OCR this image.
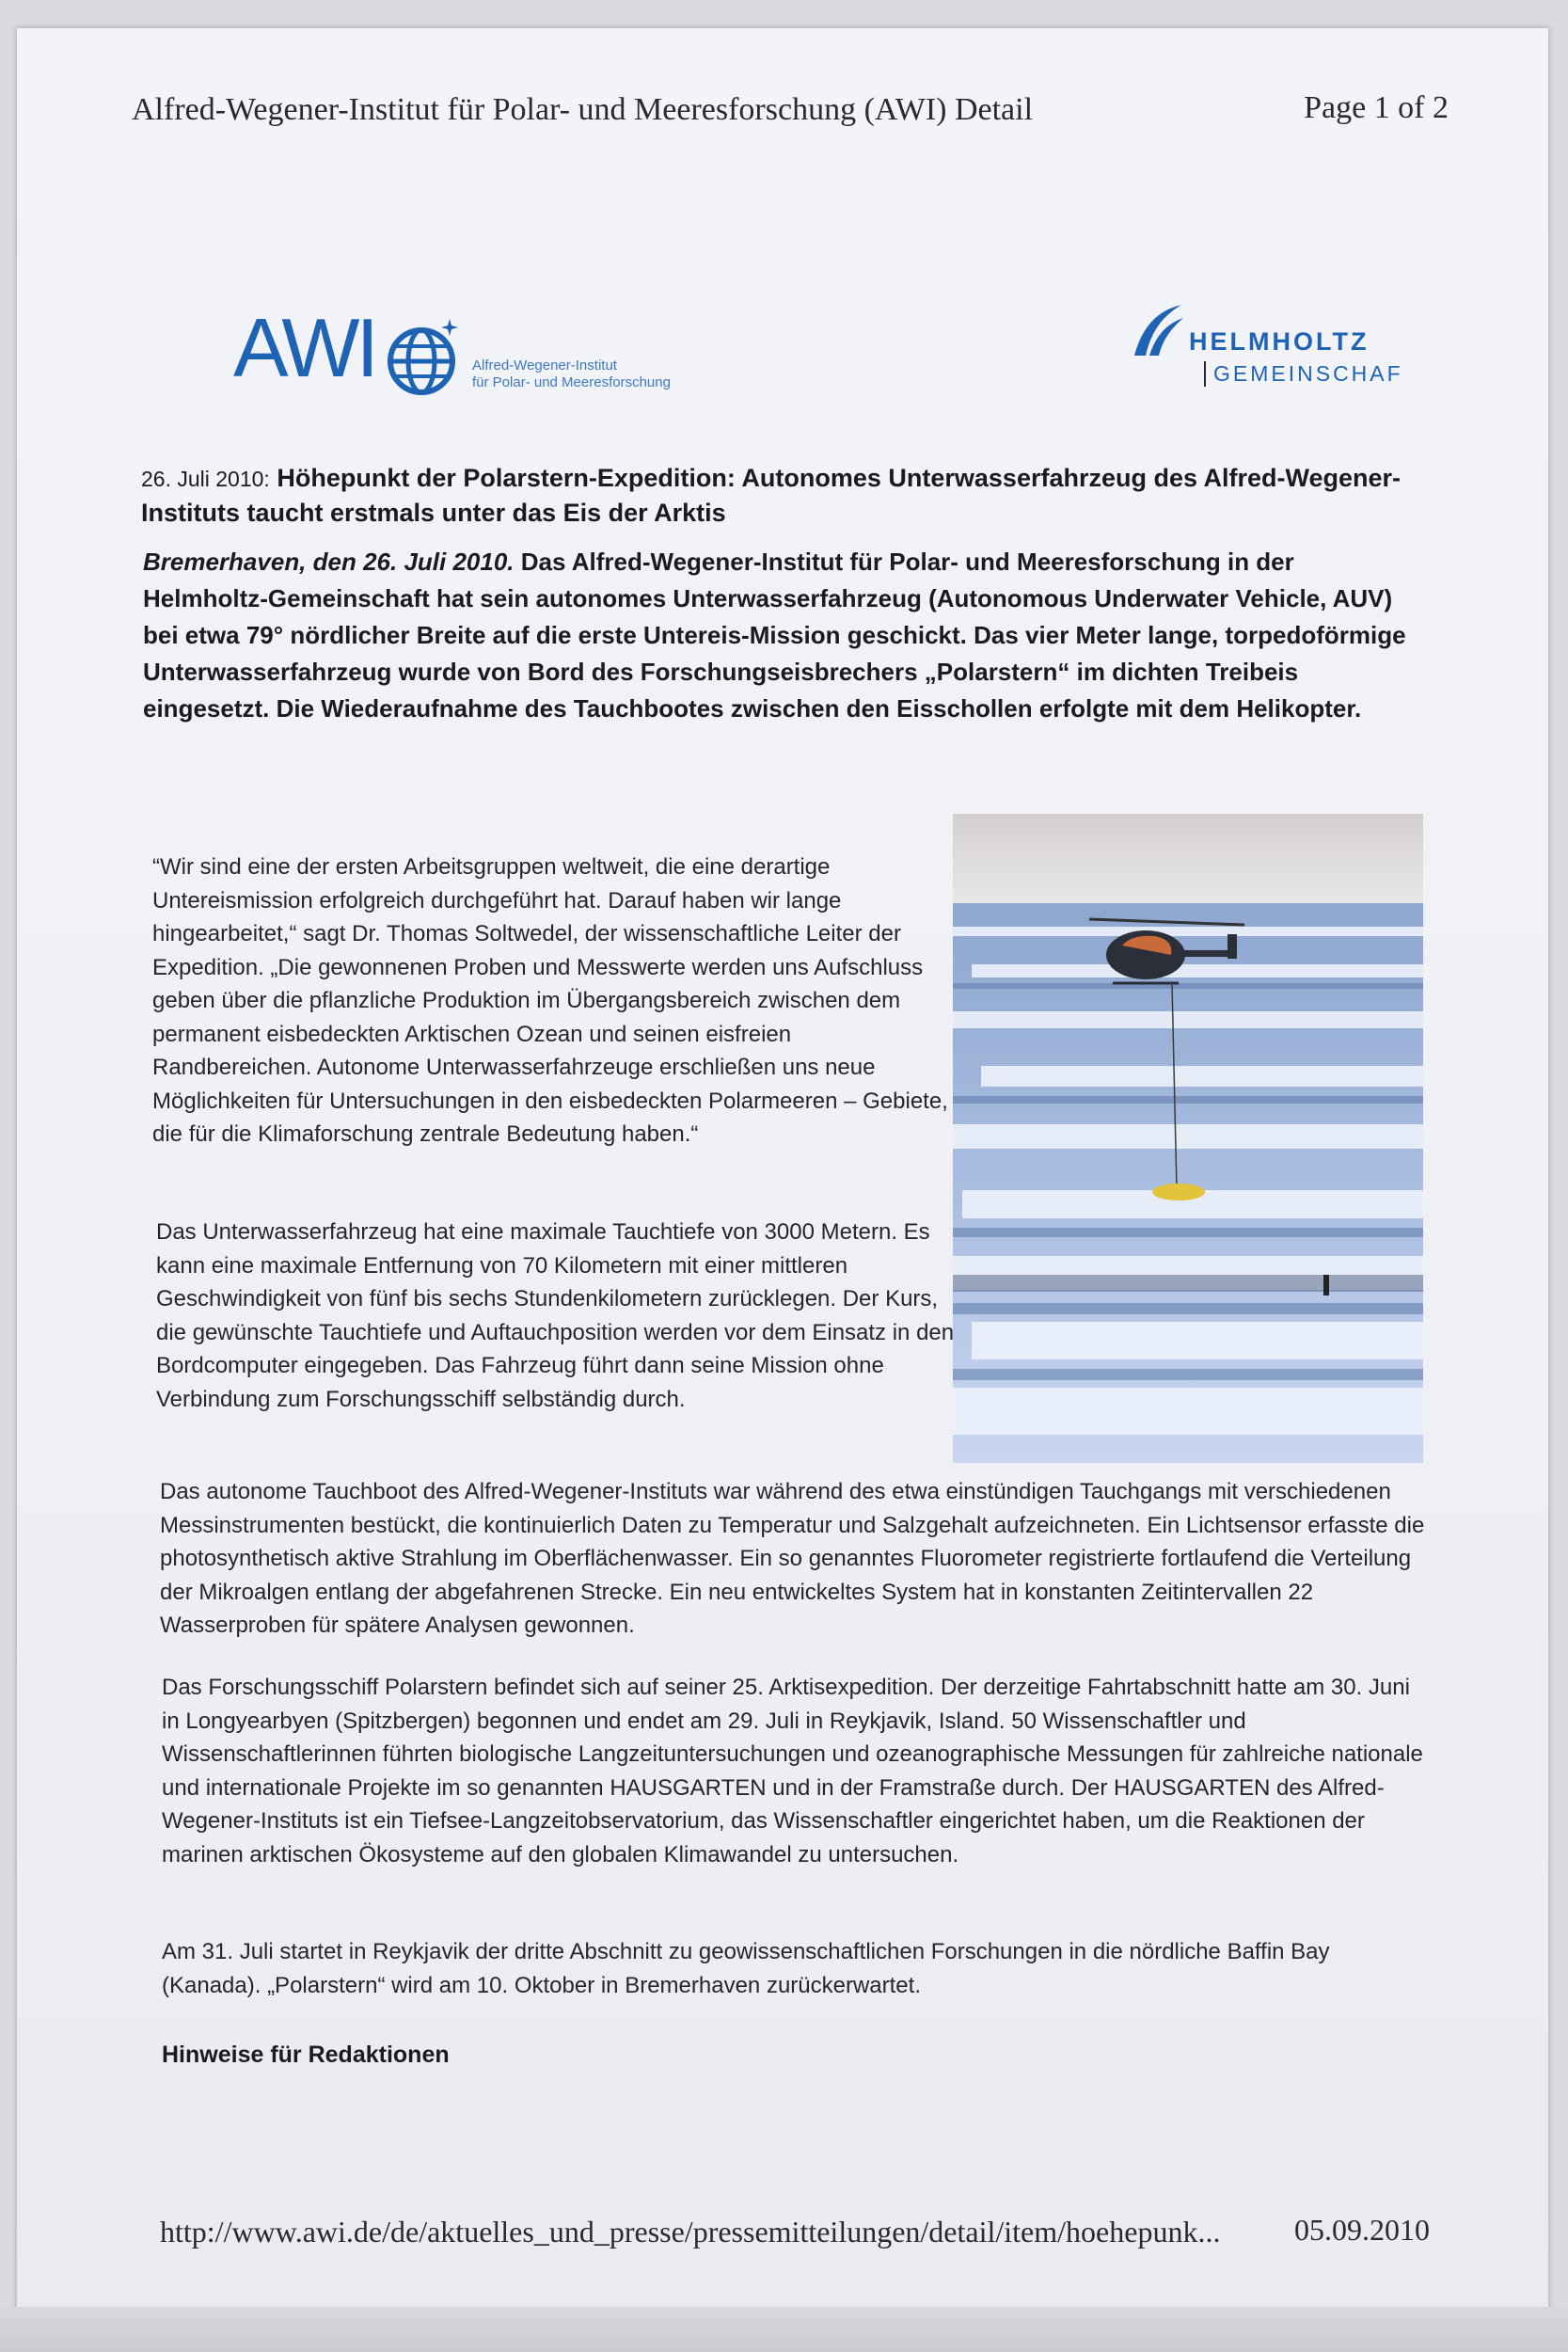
Alfred-Wegener-Institut für Polar- und Meeresforschung (AWI) Detail	Page 1 of 2
AWI	Alfred-Wegener-Institut
für Polar- und Meeresforschung
HELMHOLTZ
GEMEINSCHAF
26. Juli 2010: Höhepunkt der Polarstern-Expedition: Autonomes Unterwasserfahrzeug des Alfred-Wegener-Instituts taucht erstmals unter das Eis der Arktis
Bremerhaven, den 26. Juli 2010. Das Alfred-Wegener-Institut für Polar- und Meeresforschung in der Helmholtz-Gemeinschaft hat sein autonomes Unterwasserfahrzeug (Autonomous Underwater Vehicle, AUV) bei etwa 79° nördlicher Breite auf die erste Untereis-Mission geschickt. Das vier Meter lange, torpedoförmige Unterwasserfahrzeug wurde von Bord des Forschungseisbrechers „Polarstern“ im dichten Treibeis eingesetzt. Die Wiederaufnahme des Tauchbootes zwischen den Eisschollen erfolgte mit dem Helikopter.
“Wir sind eine der ersten Arbeitsgruppen weltweit, die eine derartige Untereismission erfolgreich durchgeführt hat. Darauf haben wir lange hingearbeitet,“ sagt Dr. Thomas Soltwedel, der wissenschaftliche Leiter der Expedition. „Die gewonnenen Proben und Messwerte werden uns Aufschluss geben über die pflanzliche Produktion im Übergangsbereich zwischen dem permanent eisbedeckten Arktischen Ozean und seinen eisfreien Randbereichen. Autonome Unterwasserfahrzeuge erschließen uns neue Möglichkeiten für Untersuchungen in den eisbedeckten Polarmeeren – Gebiete, die für die Klimaforschung zentrale Bedeutung haben.“
Das Unterwasserfahrzeug hat eine maximale Tauchtiefe von 3000 Metern. Es kann eine maximale Entfernung von 70 Kilometern mit einer mittleren Geschwindigkeit von fünf bis sechs Stundenkilometern zurücklegen. Der Kurs, die gewünschte Tauchtiefe und Auftauchposition werden vor dem Einsatz in den Bordcomputer eingegeben. Das Fahrzeug führt dann seine Mission ohne Verbindung zum Forschungsschiff selbständig durch.
Das autonome Tauchboot des Alfred-Wegener-Instituts war während des etwa einstündigen Tauchgangs mit verschiedenen Messinstrumenten bestückt, die kontinuierlich Daten zu Temperatur und Salzgehalt aufzeichneten. Ein Lichtsensor erfasste die photosynthetisch aktive Strahlung im Oberflächenwasser. Ein so genanntes Fluorometer registrierte fortlaufend die Verteilung der Mikroalgen entlang der abgefahrenen Strecke. Ein neu entwickeltes System hat in konstanten Zeitintervallen 22 Wasserproben für spätere Analysen gewonnen.
Das Forschungsschiff Polarstern befindet sich auf seiner 25. Arktisexpedition. Der derzeitige Fahrtabschnitt hatte am 30. Juni in Longyearbyen (Spitzbergen) begonnen und endet am 29. Juli in Reykjavik, Island. 50 Wissenschaftler und Wissenschaftlerinnen führten biologische Langzeituntersuchungen und ozeanographische Messungen für zahlreiche nationale und internationale Projekte im so genannten HAUSGARTEN und in der Framstraße durch. Der HAUSGARTEN des Alfred-Wegener-Instituts ist ein Tiefsee-Langzeitobservatorium, das Wissenschaftler eingerichtet haben, um die Reaktionen der marinen arktischen Ökosysteme auf den globalen Klimawandel zu untersuchen.
Am 31. Juli startet in Reykjavik der dritte Abschnitt zu geowissenschaftlichen Forschungen in die nördliche Baffin Bay (Kanada). „Polarstern“ wird am 10. Oktober in Bremerhaven zurückerwartet.
Hinweise für Redaktionen
http://www.awi.de/de/aktuelles_und_presse/pressemitteilungen/detail/item/hoehepunk... 05.09.2010
